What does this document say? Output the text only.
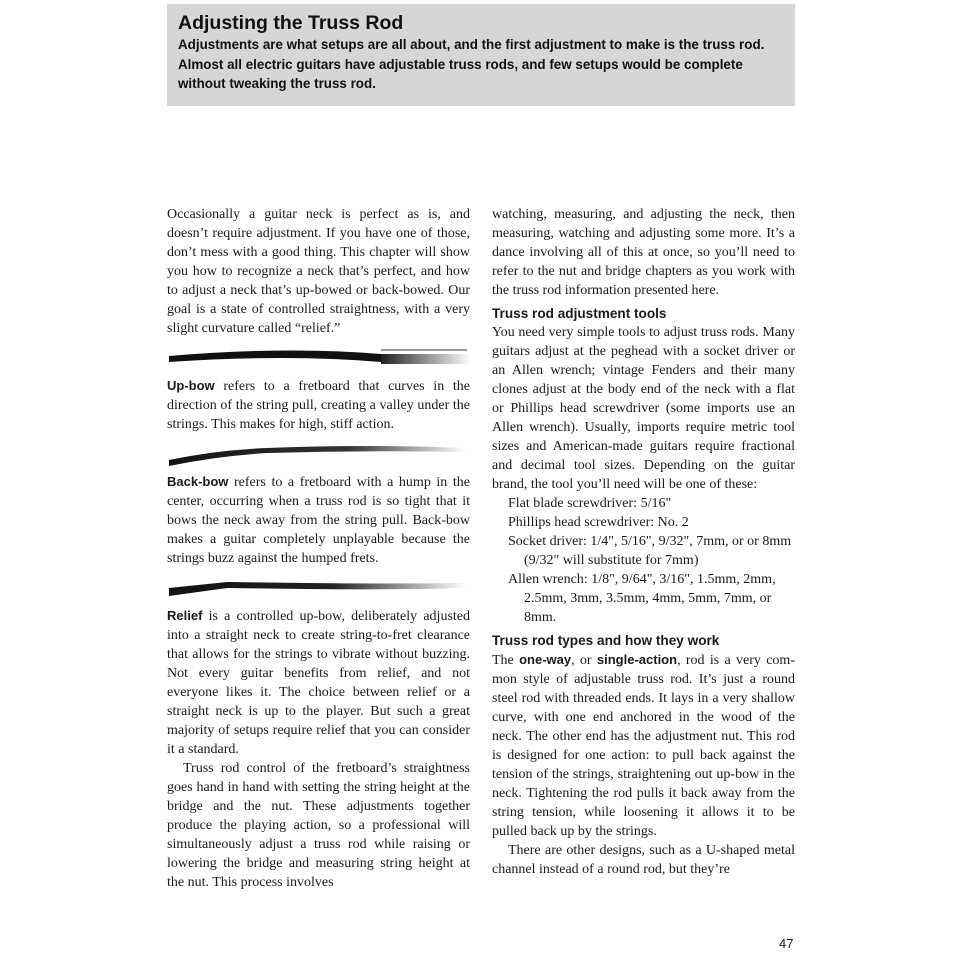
Adjusting the Truss Rod

Adjustments are what setups are all about, and the first adjustment to make is the truss rod. Almost all electric guitars have adjustable truss rods, and few setups would be complete without tweaking the truss rod.

Occasionally a guitar neck is perfect as is, and doesn’t require adjustment. If you have one of those, don’t mess with a good thing. This chapter will show you how to recognize a neck that’s perfect, and how to adjust a neck that’s up-bowed or back-bowed. Our goal is a state of controlled straightness, with a very slight curvature called “relief.”

Up-bow refers to a fretboard that curves in the direction of the string pull, creating a valley under the strings. This makes for high, stiff action.

Back-bow refers to a fretboard with a hump in the center, occurring when a truss rod is so tight that it bows the neck away from the string pull. Back-bow makes a guitar completely unplayable because the strings buzz against the humped frets.

Relief is a controlled up-bow, deliberately adjusted into a straight neck to create string-to-fret clearance that allows for the strings to vibrate without buzzing. Not every guitar benefits from relief, and not everyone likes it. The choice between relief or a straight neck is up to the player. But such a great majority of setups require relief that you can consider it a standard.

Truss rod control of the fretboard’s straightness goes hand in hand with setting the string height at the bridge and the nut. These adjustments together produce the playing action, so a professional will simultaneously adjust a truss rod while raising or lowering the bridge and measuring string height at the nut. This process involves

watching, measuring, and adjusting the neck, then measuring, watching and adjusting some more. It’s a dance involving all of this at once, so you’ll need to refer to the nut and bridge chapters as you work with the truss rod information presented here.

Truss rod adjustment tools

You need very simple tools to adjust truss rods. Many guitars adjust at the peghead with a socket driver or an Allen wrench; vintage Fenders and their many clones adjust at the body end of the neck with a flat or Phillips head screwdriver (some imports use an Allen wrench). Usually, imports require metric tool sizes and American-made guitars require fractional and decimal tool sizes. Depending on the guitar brand, the tool you’ll need will be one of these:

Flat blade screwdriver: 5/16"
Phillips head screwdriver: No. 2
Socket driver: 1/4", 5/16", 9/32", 7mm, or or 8mm (9/32" will substitute for 7mm)
Allen wrench: 1/8", 9/64", 3/16", 1.5mm, 2mm, 2.5mm, 3mm, 3.5mm, 4mm, 5mm, 7mm, or 8mm.
Truss rod types and how they work

The one-way, or single-action, rod is a very common style of adjustable truss rod. It’s just a round steel rod with threaded ends. It lays in a very shallow curve, with one end anchored in the wood of the neck. The other end has the adjustment nut. This rod is designed for one action: to pull back against the tension of the strings, straightening out up-bow in the neck. Tightening the rod pulls it back away from the string tension, while loosening it allows it to be pulled back up by the strings.

There are other designs, such as a U-shaped metal channel instead of a round rod, but they’re

47
